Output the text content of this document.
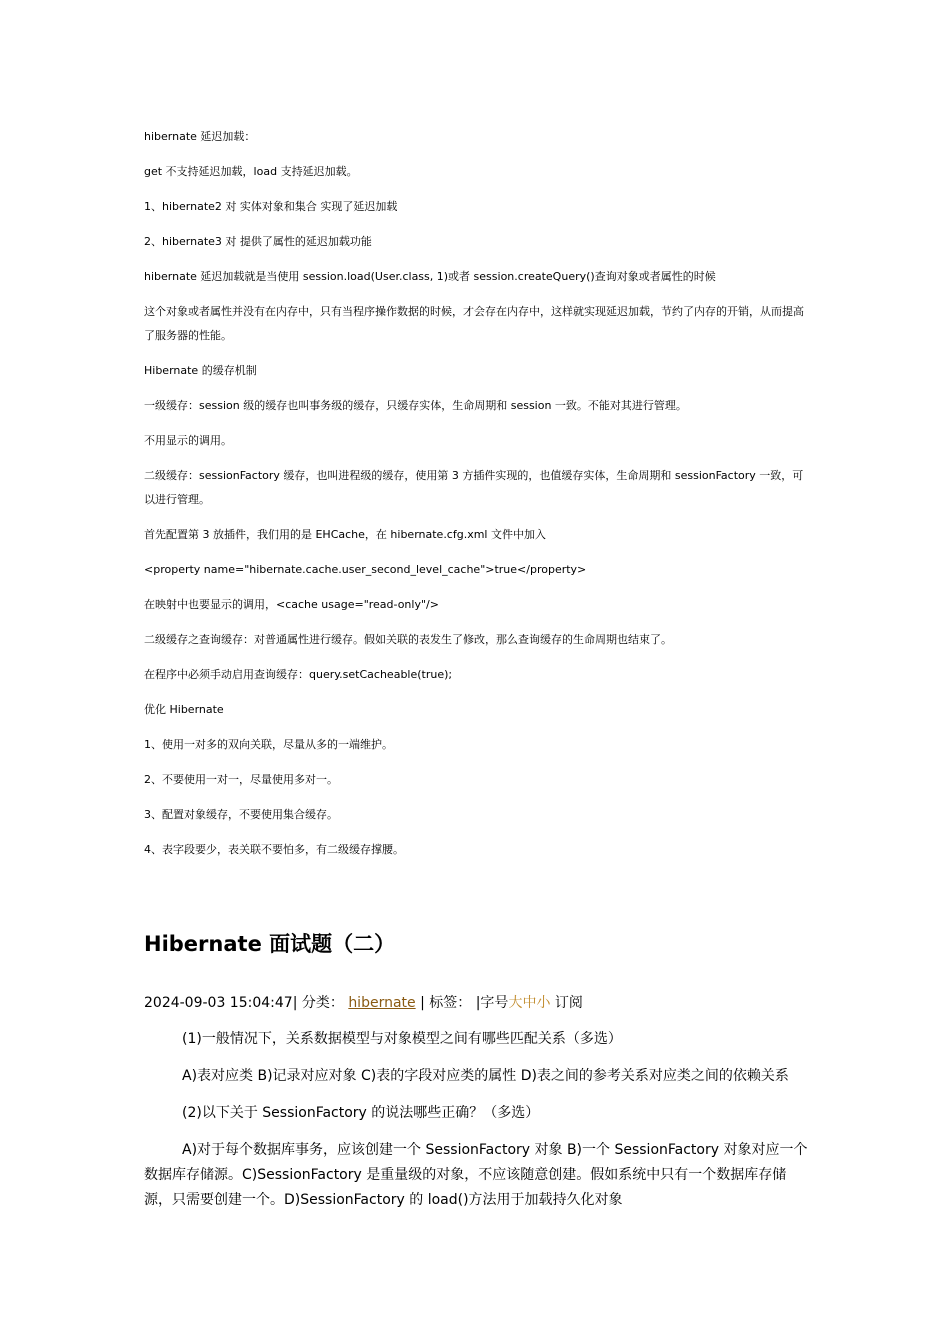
hibernate 延迟加载：
get 不支持延迟加载，load 支持延迟加载。
1、hibernate2 对 实体对象和集合 实现了延迟加载
2、hibernate3 对 提供了属性的延迟加载功能
hibernate 延迟加载就是当使用 session.load(User.class, 1)或者 session.createQuery()查询对象或者属性的时候
这个对象或者属性并没有在内存中，只有当程序操作数据的时候，才会存在内存中，这样就实现延迟加载，节约了内存的开销，从而提高了服务器的性能。
Hibernate 的缓存机制
一级缓存：session 级的缓存也叫事务级的缓存，只缓存实体，生命周期和 session 一致。不能对其进行管理。
不用显示的调用。
二级缓存：sessionFactory 缓存，也叫进程级的缓存，使用第 3 方插件实现的，也值缓存实体，生命周期和 sessionFactory 一致，可以进行管理。
首先配置第 3 放插件，我们用的是 EHCache，在 hibernate.cfg.xml 文件中加入
<property name="hibernate.cache.user_second_level_cache">true</property>
在映射中也要显示的调用，<cache usage="read-only"/>
二级缓存之查询缓存：对普通属性进行缓存。假如关联的表发生了修改，那么查询缓存的生命周期也结束了。
在程序中必须手动启用查询缓存：query.setCacheable(true);
优化 Hibernate
1、使用一对多的双向关联，尽量从多的一端维护。
2、不要使用一对一，尽量使用多对一。
3、配置对象缓存，不要使用集合缓存。
4、表字段要少，表关联不要怕多，有二级缓存撑腰。
Hibernate 面试题（二）
2024-09-03 15:04:47| 分类： hibernate | 标签： |字号大中小 订阅
(1)一般情况下，关系数据模型与对象模型之间有哪些匹配关系（多选）
A)表对应类 B)记录对应对象 C)表的字段对应类的属性 D)表之间的参考关系对应类之间的依赖关系
(2)以下关于 SessionFactory 的说法哪些正确？（多选）
A)对于每个数据库事务，应该创建一个 SessionFactory 对象 B)一个 SessionFactory 对象对应一个数据库存储源。C)SessionFactory 是重量级的对象，不应该随意创建。假如系统中只有一个数据库存储源，只需要创建一个。D)SessionFactory 的 load()方法用于加载持久化对象
